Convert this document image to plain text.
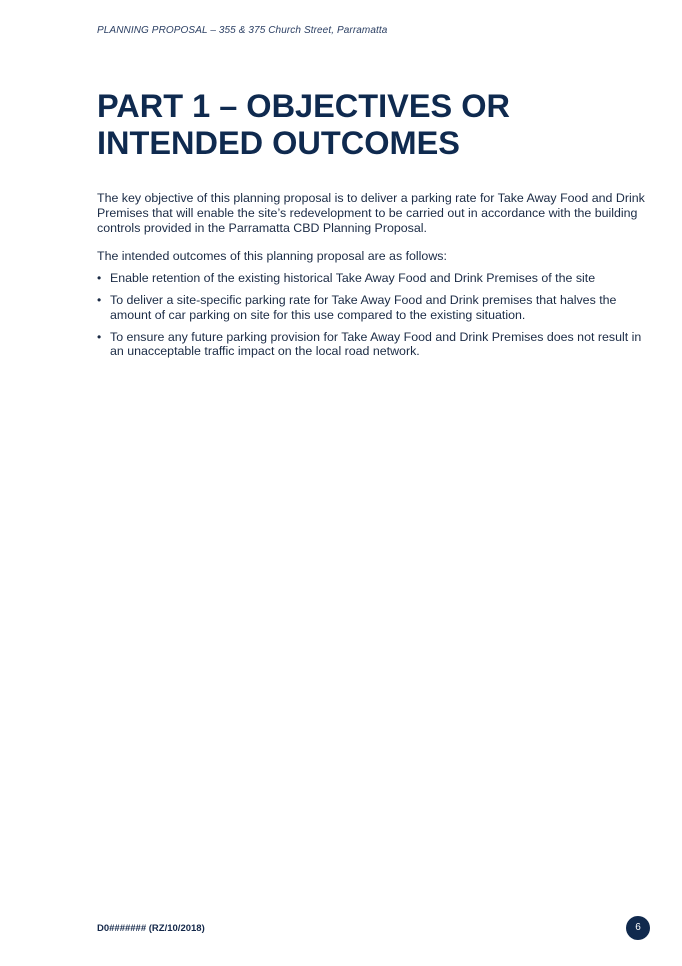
PLANNING PROPOSAL – 355 & 375 Church Street, Parramatta
PART 1 – OBJECTIVES OR
INTENDED OUTCOMES

The key objective of this planning proposal is to deliver a parking rate for Take Away Food and Drink Premises that will enable the site’s redevelopment to be carried out in accordance with the building controls provided in the Parramatta CBD Planning Proposal.

The intended outcomes of this planning proposal are as follows:

• Enable retention of the existing historical Take Away Food and Drink Premises of the site
• To deliver a site-specific parking rate for Take Away Food and Drink premises that halves the amount of car parking on site for this use compared to the existing situation.
• To ensure any future parking provision for Take Away Food and Drink Premises does not result in an unacceptable traffic impact on the local road network.
D0####### (RZ/10/2018)	6
